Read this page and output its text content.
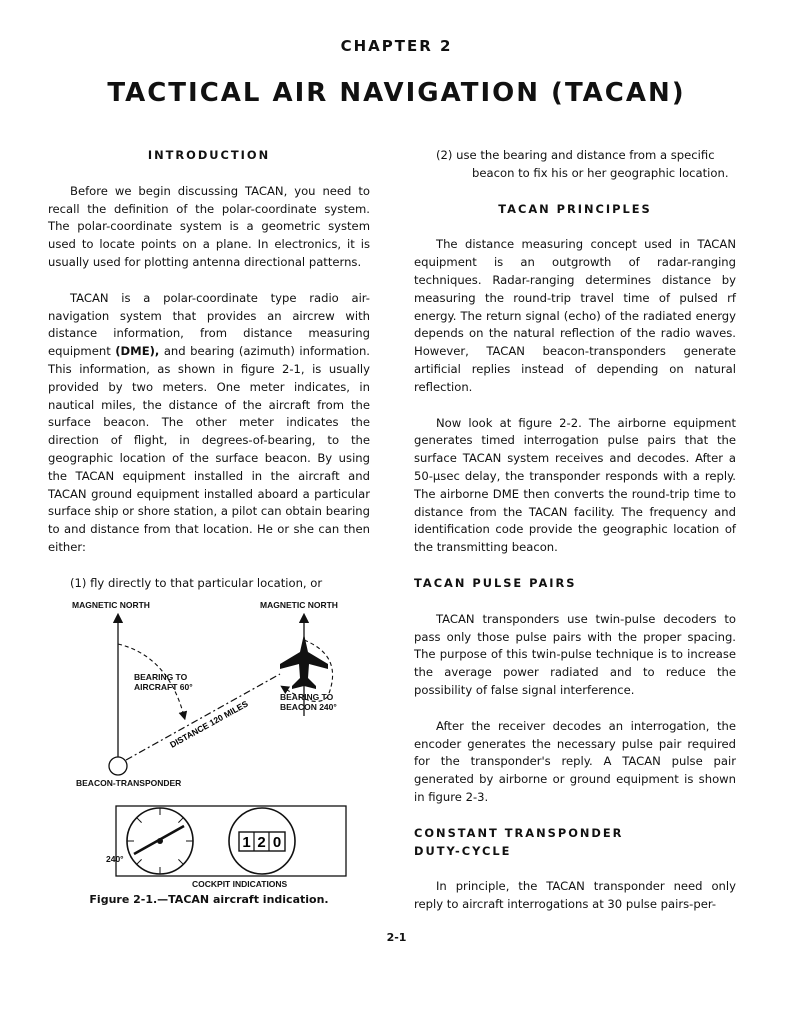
CHAPTER 2
TACTICAL AIR NAVIGATION (TACAN)

INTRODUCTION

Before we begin discussing TACAN, you need to recall the definition of the polar-coordinate system. The polar-coordinate system is a geometric system used to locate points on a plane. In electronics, it is usually used for plotting antenna directional patterns.

TACAN is a polar-coordinate type radio air-navigation system that provides an aircrew with distance information, from distance measuring equipment (DME), and bearing (azimuth) information. This information, as shown in figure 2-1, is usually provided by two meters. One meter indicates, in nautical miles, the distance of the aircraft from the surface beacon. The other meter indicates the direction of flight, in degrees-of-bearing, to the geographic location of the surface beacon. By using the TACAN equipment installed in the aircraft and TACAN ground equipment installed aboard a particular surface ship or shore station, a pilot can obtain bearing to and distance from that location. He or she can then either:

(1) fly directly to that particular location, or

1 2 0
DISTANCE 120 MILES
MAGNETIC NORTH	MAGNETIC NORTH
BEARING TO
AIRCRAFT 60°
BEARING TO
BEACON 240°
BEACON-TRANSPONDER
240°
COCKPIT INDICATIONS
Figure 2-1.—TACAN aircraft indication.

(2) use the bearing and distance from a specific beacon to fix his or her geographic location.

TACAN PRINCIPLES

The distance measuring concept used in TACAN equipment is an outgrowth of radar-ranging techniques. Radar-ranging determines distance by measuring the round-trip travel time of pulsed rf energy. The return signal (echo) of the radiated energy depends on the natural reflection of the radio waves. However, TACAN beacon-transponders generate artificial replies instead of depending on natural reflection.

Now look at figure 2-2. The airborne equipment generates timed interrogation pulse pairs that the surface TACAN system receives and decodes. After a 50-µsec delay, the transponder responds with a reply. The airborne DME then converts the round-trip time to distance from the TACAN facility. The frequency and identification code provide the geographic location of the transmitting beacon.

TACAN PULSE PAIRS

TACAN transponders use twin-pulse decoders to pass only those pulse pairs with the proper spacing. The purpose of this twin-pulse technique is to increase the average power radiated and to reduce the possibility of false signal interference.

After the receiver decodes an interrogation, the encoder generates the necessary pulse pair required for the transponder's reply. A TACAN pulse pair generated by airborne or ground equipment is shown in figure 2-3.

CONSTANT TRANSPONDER

DUTY-CYCLE

In principle, the TACAN transponder need only reply to aircraft interrogations at 30 pulse pairs-per-

2-1
